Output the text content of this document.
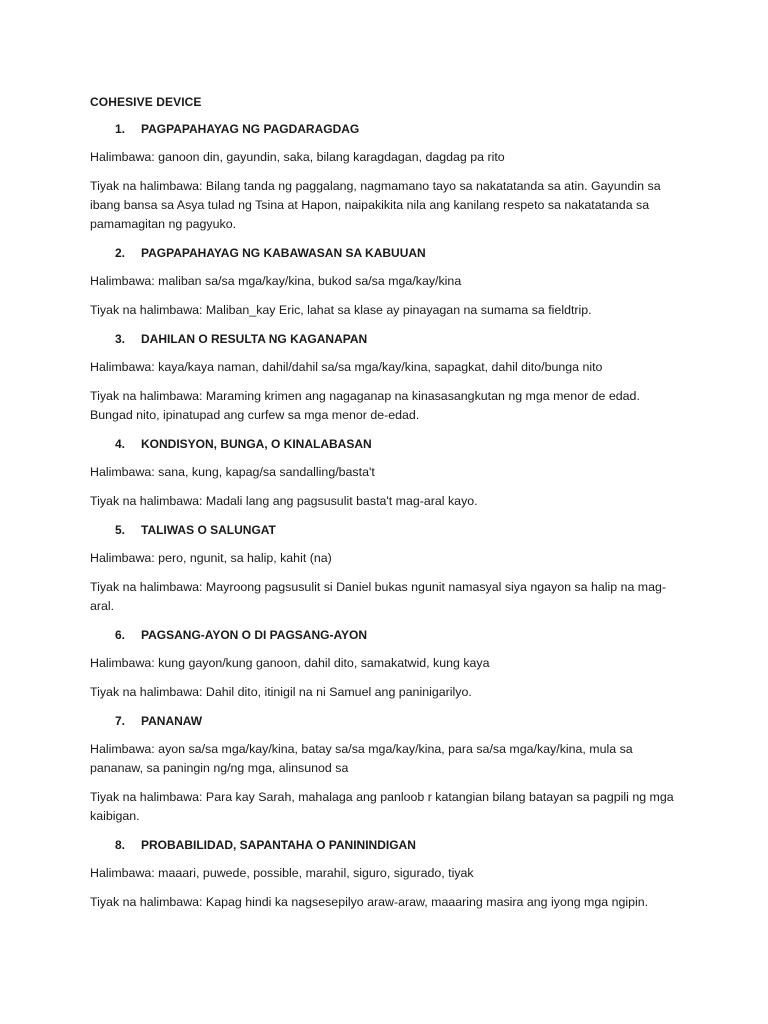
COHESIVE DEVICE
1.	PAGPAPAHAYAG NG PAGDARAGDAG

Halimbawa: ganoon din, gayundin, saka, bilang karagdagan, dagdag pa rito

Tiyak na halimbawa: Bilang tanda ng paggalang, nagmamano tayo sa nakatatanda sa atin. Gayundin sa ibang bansa sa Asya tulad ng Tsina at Hapon, naipakikita nila ang kanilang respeto sa nakatatanda sa pamamagitan ng pagyuko.

2.	PAGPAPAHAYAG NG KABAWASAN SA KABUUAN

Halimbawa: maliban sa/sa mga/kay/kina, bukod sa/sa mga/kay/kina

Tiyak na halimbawa: Maliban_kay Eric, lahat sa klase ay pinayagan na sumama sa fieldtrip.

3.	DAHILAN O RESULTA NG KAGANAPAN

Halimbawa: kaya/kaya naman, dahil/dahil sa/sa mga/kay/kina, sapagkat, dahil dito/bunga nito

Tiyak na halimbawa: Maraming krimen ang nagaganap na kinasasangkutan ng mga menor de edad. Bungad nito, ipinatupad ang curfew sa mga menor de-edad.

4.	KONDISYON, BUNGA, O KINALABASAN

Halimbawa: sana, kung, kapag/sa sandalling/basta't

Tiyak na halimbawa: Madali lang ang pagsusulit basta't mag-aral kayo.

5.	TALIWAS O SALUNGAT

Halimbawa: pero, ngunit, sa halip, kahit (na)

Tiyak na halimbawa: Mayroong pagsusulit si Daniel bukas ngunit namasyal siya ngayon sa halip na mag-aral.

6.	PAGSANG-AYON O DI PAGSANG-AYON

Halimbawa: kung gayon/kung ganoon, dahil dito, samakatwid, kung kaya

Tiyak na halimbawa: Dahil dito, itinigil na ni Samuel ang paninigarilyo.

7.	PANANAW

Halimbawa: ayon sa/sa mga/kay/kina, batay sa/sa mga/kay/kina, para sa/sa mga/kay/kina, mula sa pananaw, sa paningin ng/ng mga, alinsunod sa

Tiyak na halimbawa: Para kay Sarah, mahalaga ang panloob r katangian bilang batayan sa pagpili ng mga kaibigan.

8.	PROBABILIDAD, SAPANTAHA O PANININDIGAN

Halimbawa: maaari, puwede, possible, marahil, siguro, sigurado, tiyak

Tiyak na halimbawa: Kapag hindi ka nagsesepilyo araw-araw, maaaring masira ang iyong mga ngipin.
